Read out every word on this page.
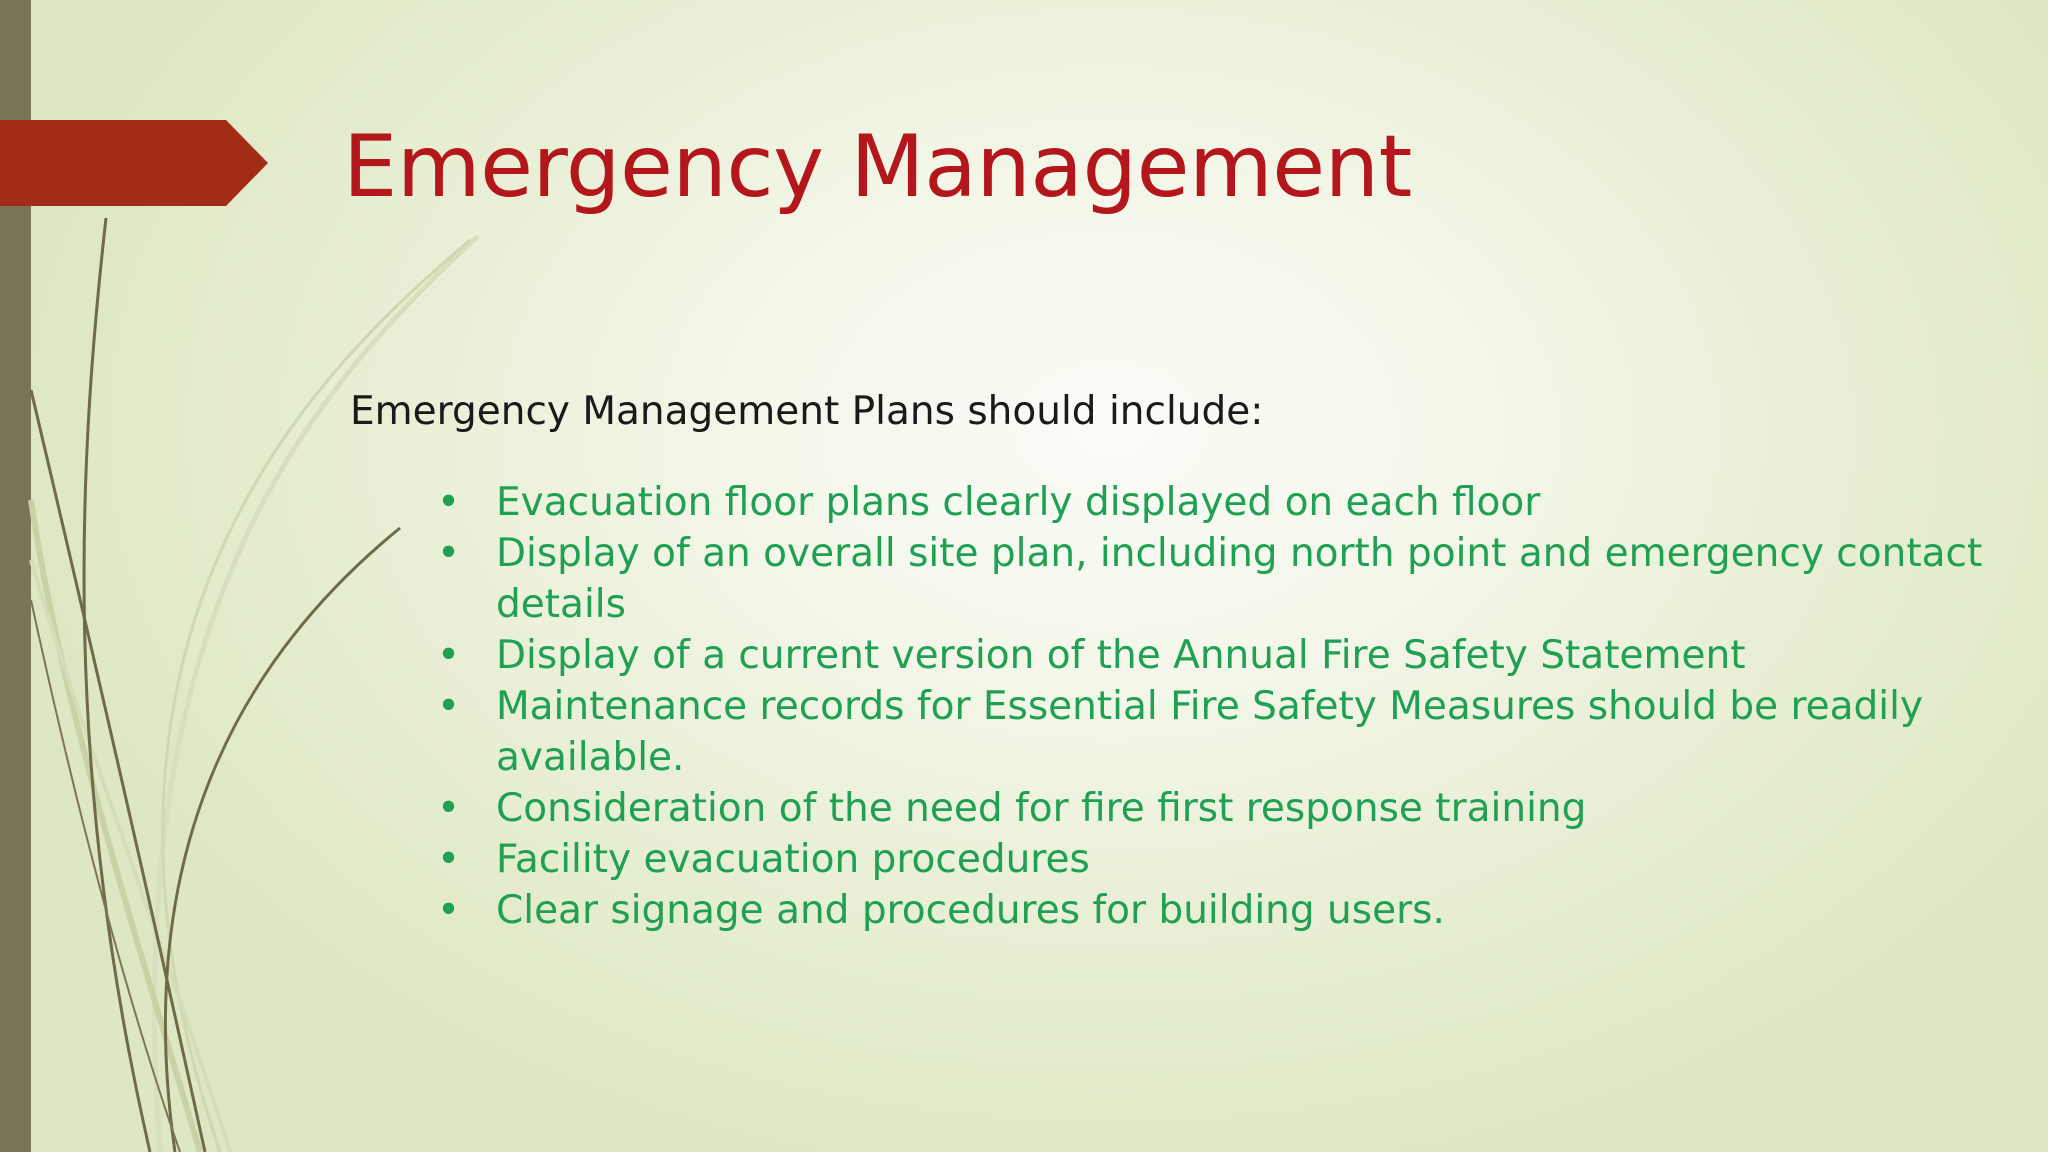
Emergency Management

Emergency Management Plans should include:

• Evacuation floor plans clearly displayed on each floor
• Display of an overall site plan, including north point and emergency contact details
• Display of a current version of the Annual Fire Safety Statement
• Maintenance records for Essential Fire Safety Measures should be readily available.
• Consideration of the need for fire first response training
• Facility evacuation procedures
• Clear signage and procedures for building users.
